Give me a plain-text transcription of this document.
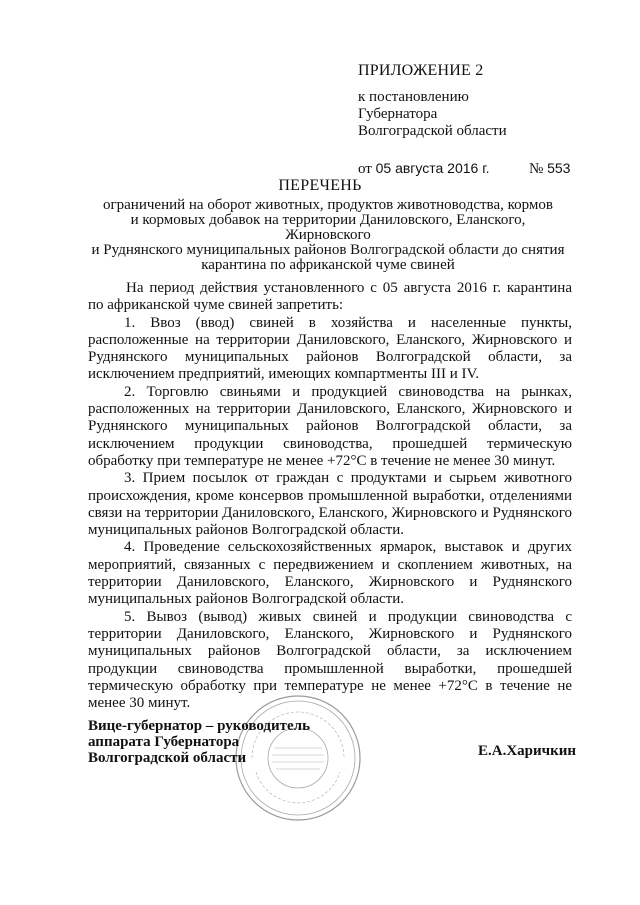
ПРИЛОЖЕНИЕ 2
к постановлению
Губернатора
Волгоградской области
от 05 августа 2016 г.	№ 553
ПЕРЕЧЕНЬ
ограничений на оборот животных, продуктов животноводства, кормов
и кормовых добавок на территории Даниловского, Еланского, Жирновского
и Руднянского муниципальных районов Волгоградской области до снятия
карантина по африканской чуме свиней

На период действия установленного с 05 августа 2016 г. карантина по африканской чуме свиней запретить:

1. Ввоз (ввод) свиней в хозяйства и населенные пункты, расположенные на территории Даниловского, Еланского, Жирновского и Руднянского муниципальных районов Волгоградской области, за исключением предприятий, имеющих компартменты III и IV.

2. Торговлю свиньями и продукцией свиноводства на рынках, расположенных на территории Даниловского, Еланского, Жирновского и Руднянского муниципальных районов Волгоградской области, за исключением продукции свиноводства, прошедшей термическую обработку при температуре не менее +72°С в течение не менее 30 минут.

3. Прием посылок от граждан с продуктами и сырьем животного происхождения, кроме консервов промышленной выработки, отделениями связи на территории Даниловского, Еланского, Жирновского и Руднянского муниципальных районов Волгоградской области.

4. Проведение сельскохозяйственных ярмарок, выставок и других мероприятий, связанных с передвижением и скоплением животных, на территории Даниловского, Еланского, Жирновского и Руднянского муниципальных районов Волгоградской области.

5. Вывоз (вывод) живых свиней и продукции свиноводства с территории Даниловского, Еланского, Жирновского и Руднянского муниципальных районов Волгоградской области, за исключением продукции свиноводства промышленной выработки, прошедшей термическую обработку при температуре не менее +72°С в течение не менее 30 минут.

Вице-губернатор – руководитель
аппарата Губернатора
Волгоградской области	Е.А.Харичкин
